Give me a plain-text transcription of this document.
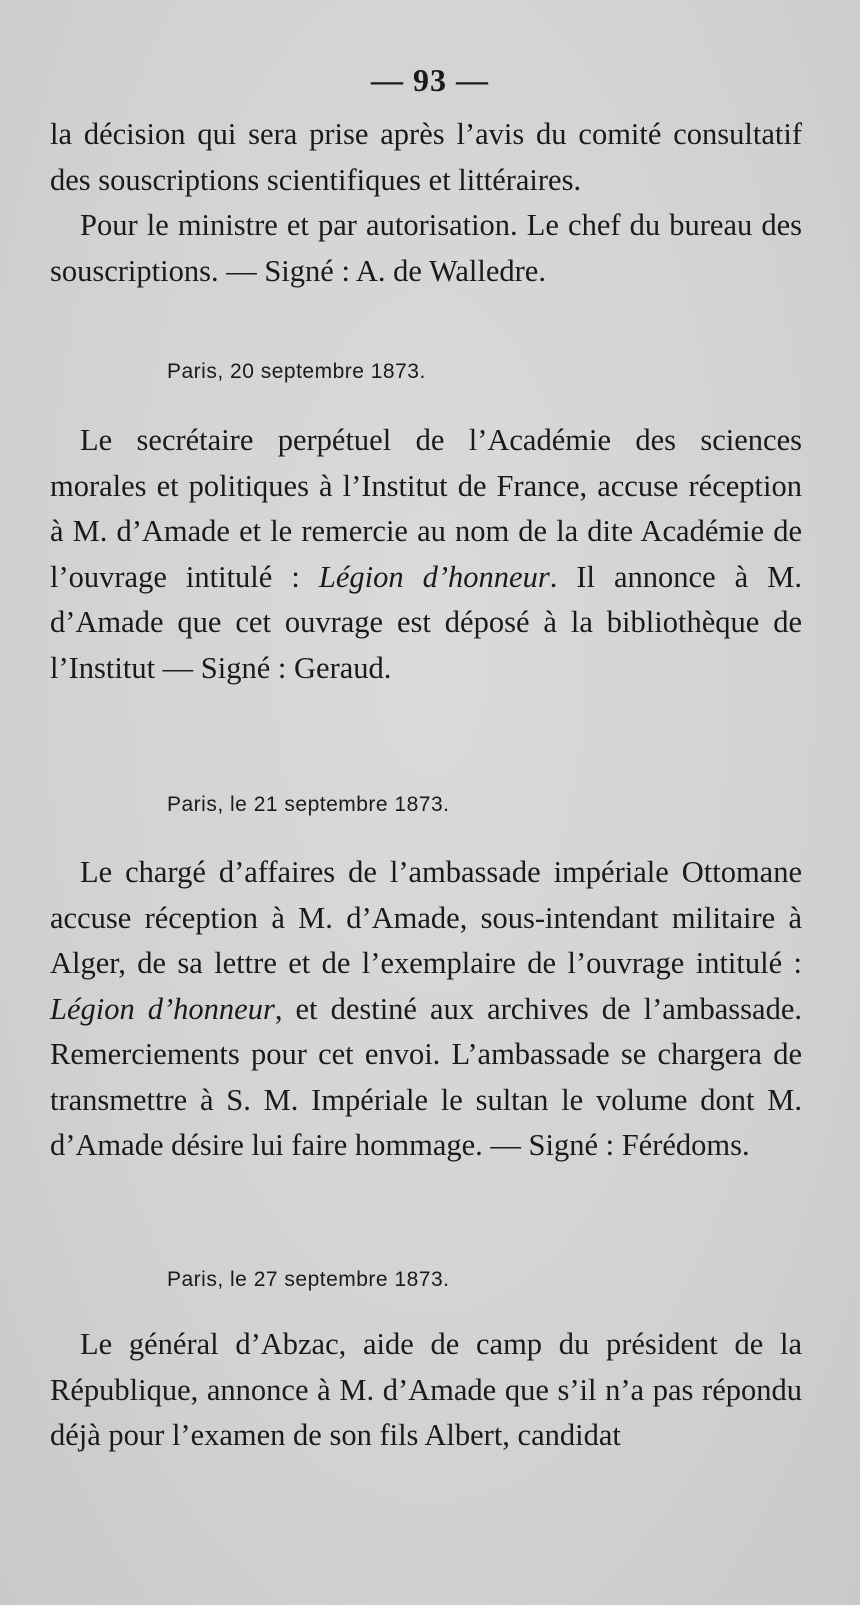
— 93 —

la décision qui sera prise après l’avis du comité consultatif des souscriptions scientifiques et littéraires.

Pour le ministre et par autorisation. Le chef du bureau des souscriptions. — Signé : A. de Walledre.

Paris, 20 septembre 1873.

Le secrétaire perpétuel de l’Académie des sciences morales et politiques à l’Institut de France, accuse réception à M. d’Amade et le remercie au nom de la dite Académie de l’ouvrage intitulé : Légion d’honneur. Il annonce à M. d’Amade que cet ouvrage est déposé à la bibliothèque de l’Institut — Signé : Geraud.

Paris, le 21 septembre 1873.

Le chargé d’affaires de l’ambassade impériale Ottomane accuse réception à M. d’Amade, sous-intendant militaire à Alger, de sa lettre et de l’exemplaire de l’ouvrage intitulé : Légion d’honneur, et destiné aux archives de l’ambassade. Remerciements pour cet envoi. L’ambassade se chargera de transmettre à S. M. Impériale le sultan le volume dont M. d’Amade désire lui faire hommage. — Signé : Férédoms.

Paris, le 27 septembre 1873.

Le général d’Abzac, aide de camp du président de la République, annonce à M. d’Amade que s’il n’a pas répondu déjà pour l’examen de son fils Albert, candidat
